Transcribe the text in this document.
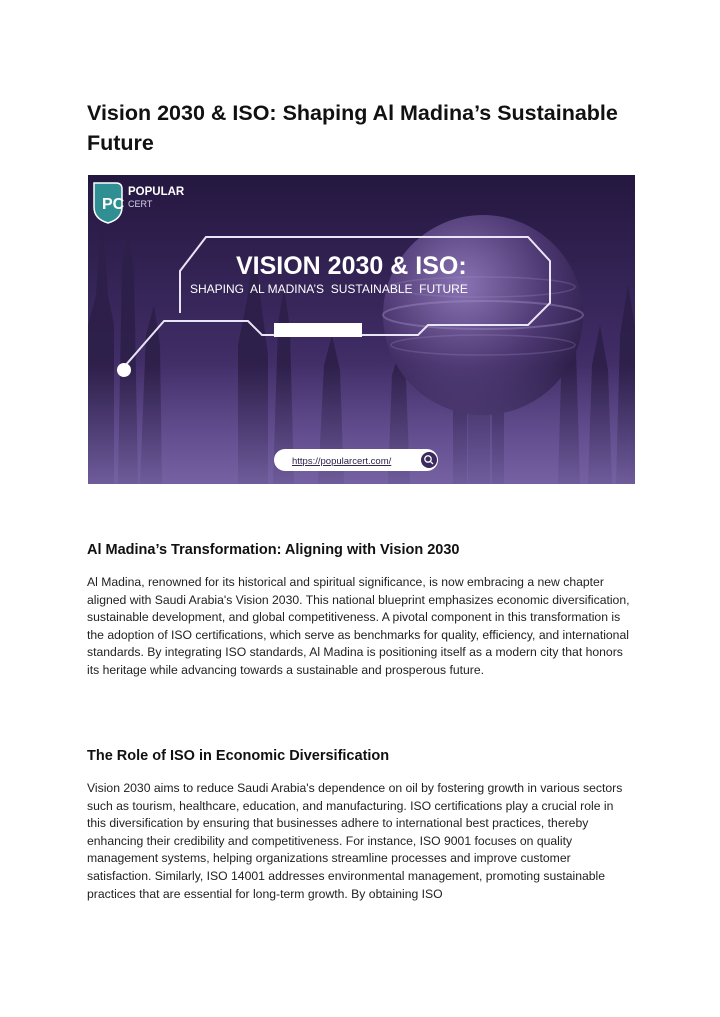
Vision 2030 & ISO: Shaping Al Madina’s Sustainable Future
PC
POPULAR
CERT
VISION 2030 & ISO:
SHAPING  AL MADINA’S  SUSTAINABLE  FUTURE
https://popularcert.com/
Al Madina’s Transformation: Aligning with Vision 2030

Al Madina, renowned for its historical and spiritual significance, is now embracing a new chapter aligned with Saudi Arabia's Vision 2030. This national blueprint emphasizes economic diversification, sustainable development, and global competitiveness. A pivotal component in this transformation is the adoption of ISO certifications, which serve as benchmarks for quality, efficiency, and international standards. By integrating ISO standards, Al Madina is positioning itself as a modern city that honors its heritage while advancing towards a sustainable and prosperous future.

The Role of ISO in Economic Diversification

Vision 2030 aims to reduce Saudi Arabia's dependence on oil by fostering growth in various sectors such as tourism, healthcare, education, and manufacturing. ISO certifications play a crucial role in this diversification by ensuring that businesses adhere to international best practices, thereby enhancing their credibility and competitiveness. For instance, ISO 9001 focuses on quality management systems, helping organizations streamline processes and improve customer satisfaction. Similarly, ISO 14001 addresses environmental management, promoting sustainable practices that are essential for long-term growth. By obtaining ISO
